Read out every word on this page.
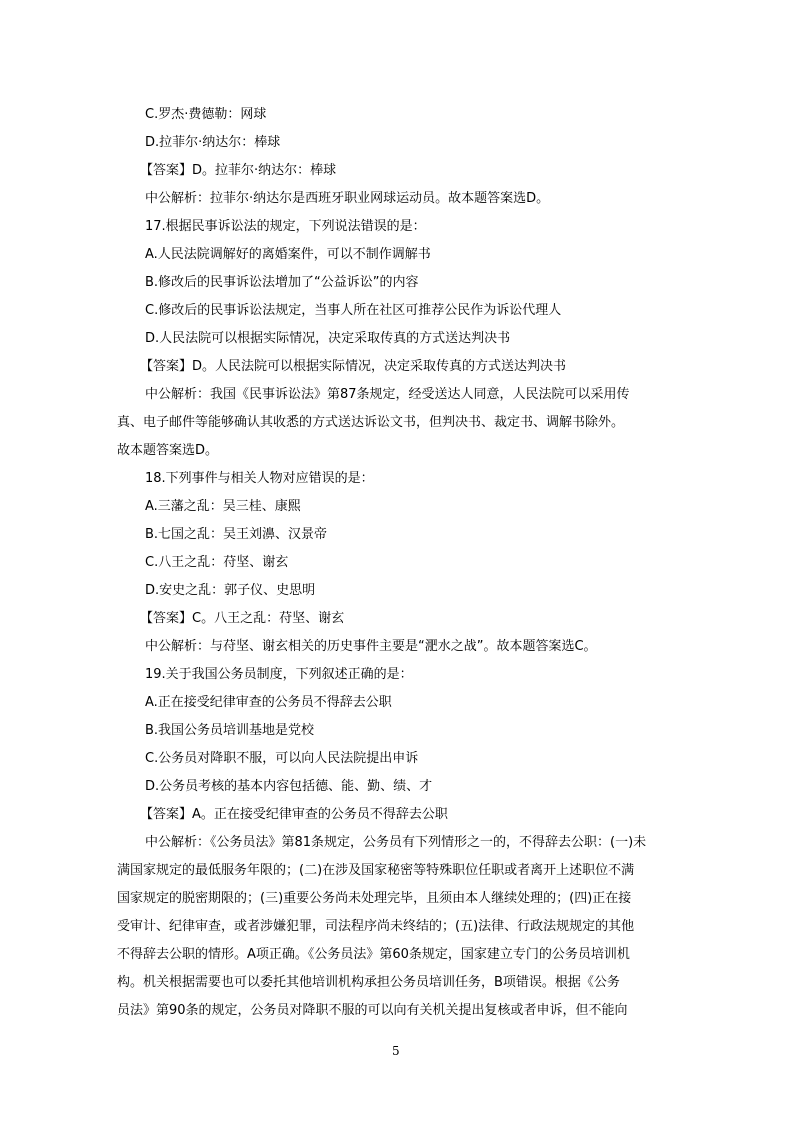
C.罗杰·费德勒：网球
D.拉菲尔·纳达尔：棒球
【答案】D。拉菲尔·纳达尔：棒球
中公解析：拉菲尔·纳达尔是西班牙职业网球运动员。故本题答案选D。
17.根据民事诉讼法的规定，下列说法错误的是：
A.人民法院调解好的离婚案件，可以不制作调解书
B.修改后的民事诉讼法增加了“公益诉讼”的内容
C.修改后的民事诉讼法规定，当事人所在社区可推荐公民作为诉讼代理人
D.人民法院可以根据实际情况，决定采取传真的方式送达判决书
【答案】D。人民法院可以根据实际情况，决定采取传真的方式送达判决书
中公解析：我国《民事诉讼法》第87条规定，经受送达人同意，人民法院可以采用传
真、电子邮件等能够确认其收悉的方式送达诉讼文书，但判决书、裁定书、调解书除外。
故本题答案选D。
18.下列事件与相关人物对应错误的是：
A.三藩之乱：吴三桂、康熙
B.七国之乱：吴王刘濞、汉景帝
C.八王之乱：苻坚、谢玄
D.安史之乱：郭子仪、史思明
【答案】C。八王之乱：苻坚、谢玄
中公解析：与苻坚、谢玄相关的历史事件主要是“淝水之战”。故本题答案选C。
19.关于我国公务员制度，下列叙述正确的是：
A.正在接受纪律审查的公务员不得辞去公职
B.我国公务员培训基地是党校
C.公务员对降职不服，可以向人民法院提出申诉
D.公务员考核的基本内容包括德、能、勤、绩、才
【答案】A。正在接受纪律审查的公务员不得辞去公职
中公解析：《公务员法》第81条规定，公务员有下列情形之一的，不得辞去公职：(一)未
满国家规定的最低服务年限的；(二)在涉及国家秘密等特殊职位任职或者离开上述职位不满
国家规定的脱密期限的；(三)重要公务尚未处理完毕，且须由本人继续处理的；(四)正在接
受审计、纪律审查，或者涉嫌犯罪，司法程序尚未终结的；(五)法律、行政法规规定的其他
不得辞去公职的情形。A项正确。《公务员法》第60条规定，国家建立专门的公务员培训机
构。机关根据需要也可以委托其他培训机构承担公务员培训任务，B项错误。根据《公务
员法》第90条的规定，公务员对降职不服的可以向有关机关提出复核或者申诉，但不能向
5
